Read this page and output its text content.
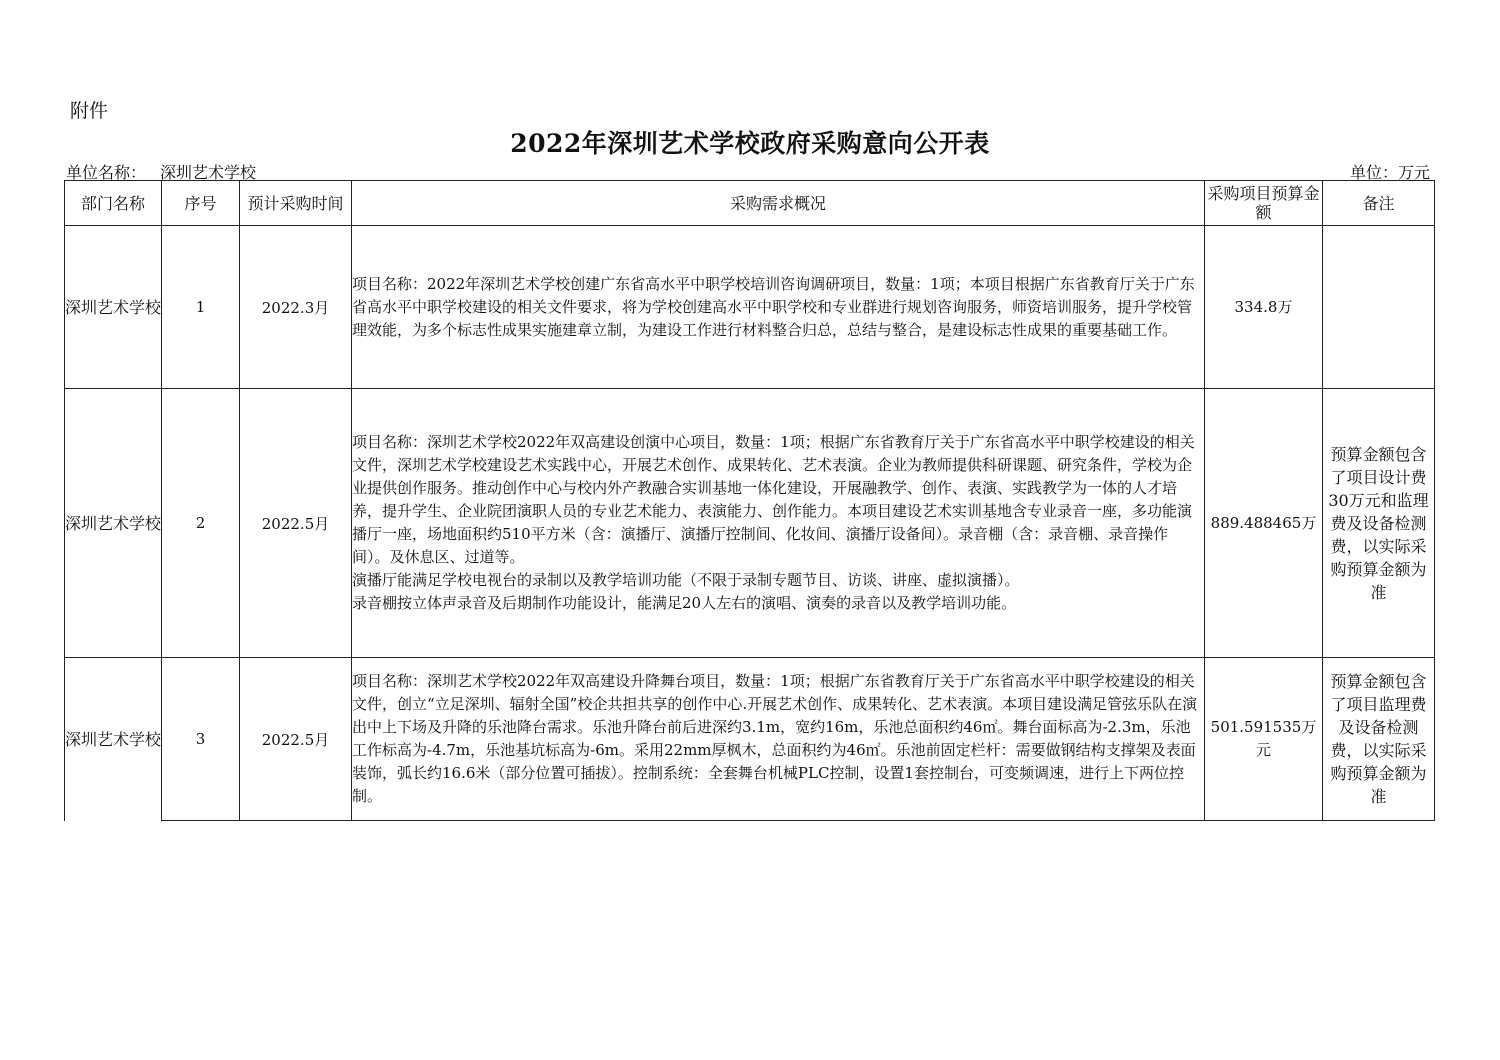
附件
2022年深圳艺术学校政府采购意向公开表
单位名称： 深圳艺术学校	单位：万元
部门名称	序号	预计采购时间	采购需求概况	采购项目预算金额	备注
深圳艺术学校	1	2022.3月	项目名称：2022年深圳艺术学校创建广东省高水平中职学校培训咨询调研项目，数量：1项；本项目根据广东省教育厅关于广东省高水平中职学校建设的相关文件要求，将为学校创建高水平中职学校和专业群进行规划咨询服务，师资培训服务，提升学校管理效能，为多个标志性成果实施建章立制，为建设工作进行材料整合归总，总结与整合，是建设标志性成果的重要基础工作。	334.8万	
深圳艺术学校	2	2022.5月	项目名称：深圳艺术学校2022年双高建设创演中心项目，数量：1项；根据广东省教育厅关于广东省高水平中职学校建设的相关文件，深圳艺术学校建设艺术实践中心，开展艺术创作、成果转化、艺术表演。企业为教师提供科研课题、研究条件，学校为企业提供创作服务。推动创作中心与校内外产教融合实训基地一体化建设，开展融教学、创作、表演、实践教学为一体的人才培养，提升学生、企业院团演职人员的专业艺术能力、表演能力、创作能力。本项目建设艺术实训基地含专业录音一座，多功能演播厅一座，场地面积约510平方米（含：演播厅、演播厅控制间、化妆间、演播厅设备间）。录音棚（含：录音棚、录音操作间）。及休息区、过道等。

演播厅能满足学校电视台的录制以及教学培训功能（不限于录制专题节目、访谈、讲座、虚拟演播）。

录音棚按立体声录音及后期制作功能设计，能满足20人左右的演唱、演奏的录音以及教学培训功能。	889.488465万	预算金额包含了项目设计费30万元和监理费及设备检测费，以实际采购预算金额为准
深圳艺术学校	3	2022.5月	项目名称：深圳艺术学校2022年双高建设升降舞台项目，数量：1项；根据广东省教育厅关于广东省高水平中职学校建设的相关文件，创立“立足深圳、辐射全国”校企共担共享的创作中心.开展艺术创作、成果转化、艺术表演。本项目建设满足管弦乐队在演出中上下场及升降的乐池降台需求。乐池升降台前后进深约3.1m，宽约16m，乐池总面积约46㎡。舞台面标高为-2.3m，乐池工作标高为-4.7m，乐池基坑标高为-6m。采用22mm厚枫木，总面积约为46㎡。乐池前固定栏杆：需要做钢结构支撑架及表面装饰，弧长约16.6米（部分位置可插拔）。控制系统：全套舞台机械PLC控制，设置1套控制台，可变频调速，进行上下两位控制。	501.591535万元	预算金额包含了项目监理费及设备检测费，以实际采购预算金额为准
